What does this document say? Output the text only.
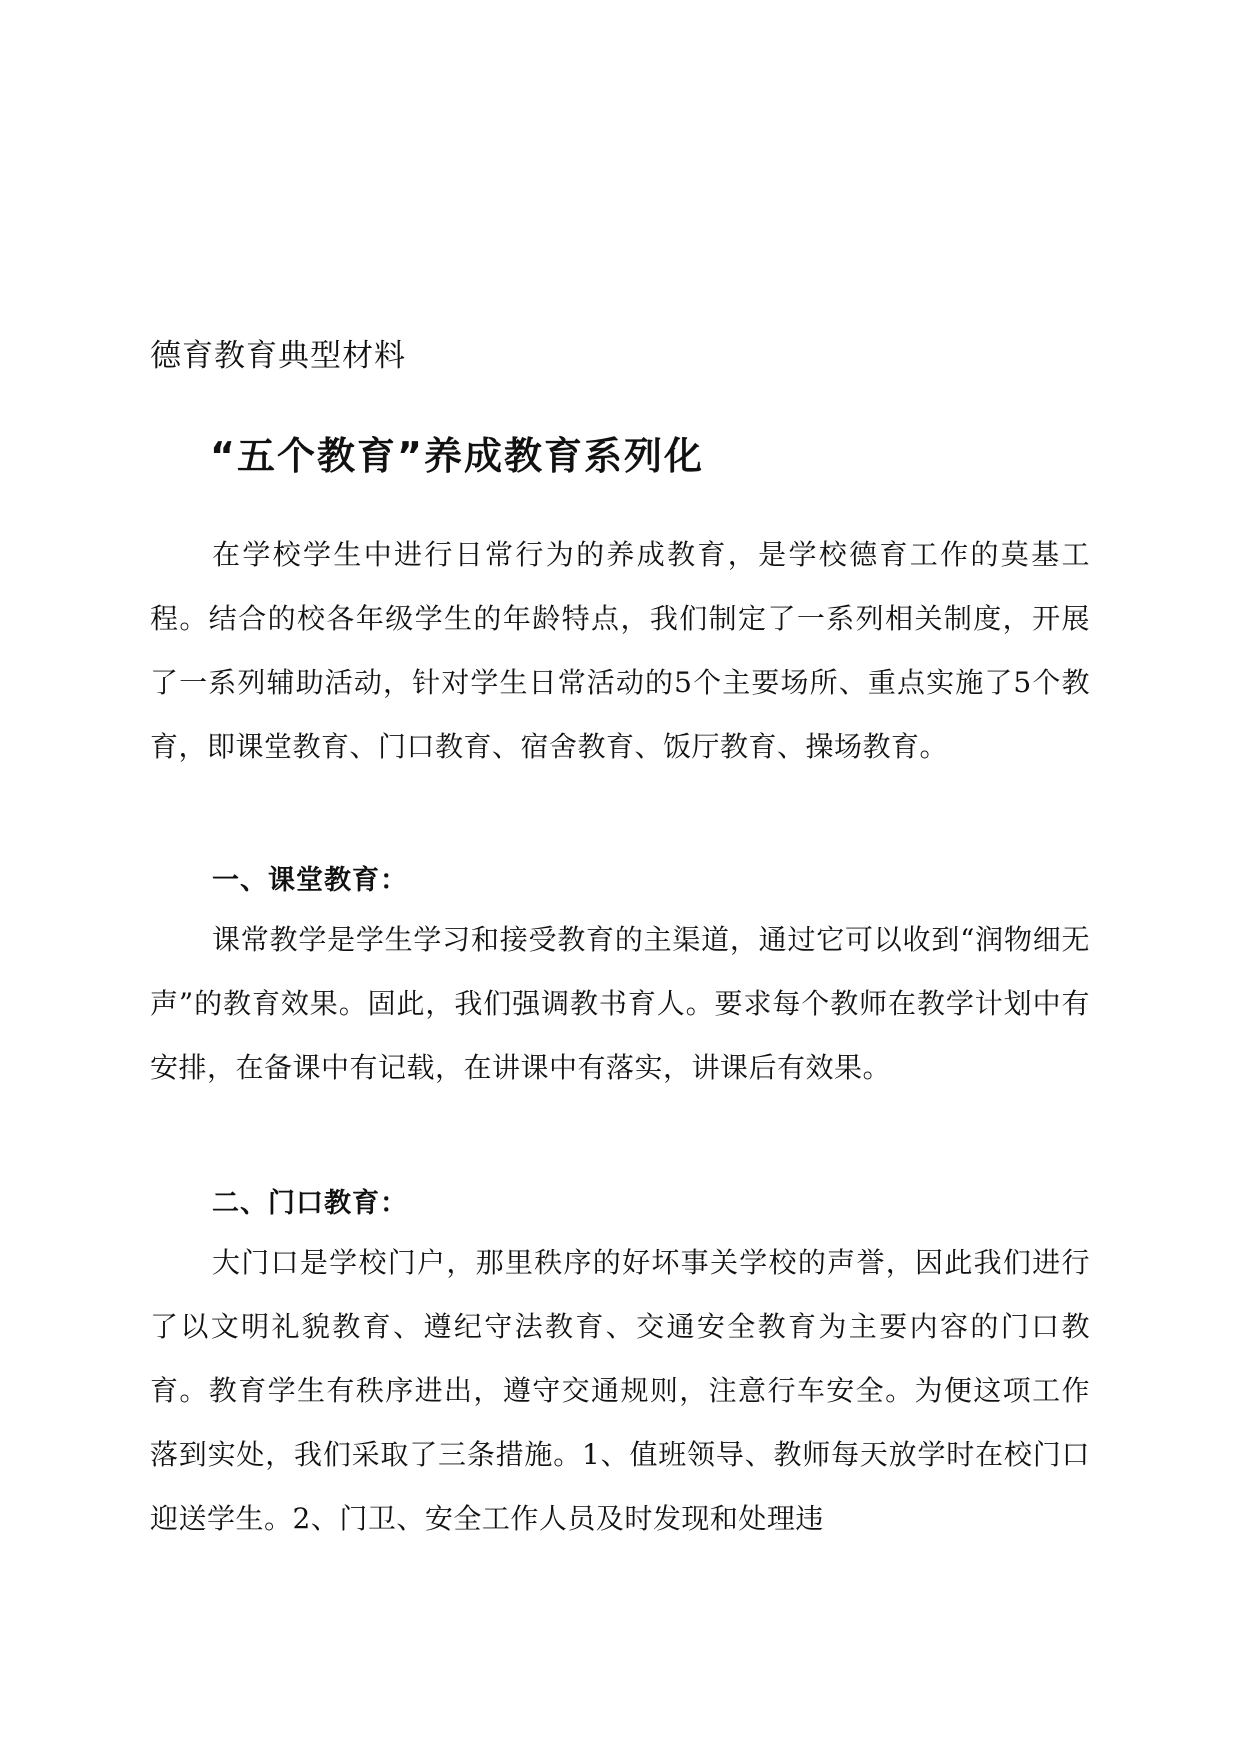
德育教育典型材料
“五个教育”养成教育系列化

在学校学生中进行日常行为的养成教育，是学校德育工作的莫基工程。结合的校各年级学生的年龄特点，我们制定了一系列相关制度，开展了一系列辅助活动，针对学生日常活动的5个主要场所、重点实施了5个教育，即课堂教育、门口教育、宿舍教育、饭厅教育、操场教育。

一、课堂教育：

课常教学是学生学习和接受教育的主渠道，通过它可以收到“润物细无声”的教育效果。固此，我们强调教书育人。要求每个教师在教学计划中有安排，在备课中有记载，在讲课中有落实，讲课后有效果。

二、门口教育：

大门口是学校门户，那里秩序的好坏事关学校的声誉，因此我们进行了以文明礼貌教育、遵纪守法教育、交通安全教育为主要内容的门口教育。教育学生有秩序进出，遵守交通规则，注意行车安全。为便这项工作落到实处，我们采取了三条措施。1、值班领导、教师每天放学时在校门口迎送学生。2、门卫、安全工作人员及时发现和处理违
